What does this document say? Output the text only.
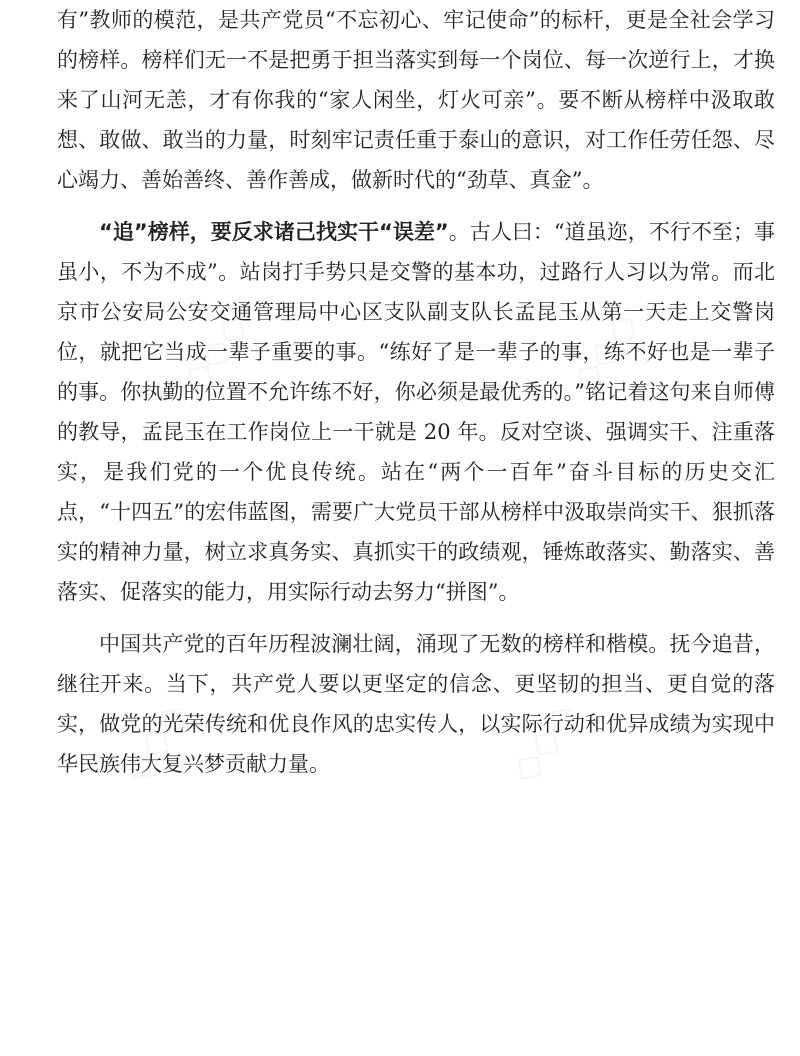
有”教师的模范，是共产党员“不忘初心、牢记使命”的标杆，更是全社会学习的榜样。榜样们无一不是把勇于担当落实到每一个岗位、每一次逆行上，才换来了山河无恙，才有你我的“家人闲坐，灯火可亲”。要不断从榜样中汲取敢想、敢做、敢当的力量，时刻牢记责任重于泰山的意识，对工作任劳任怨、尽心竭力、善始善终、善作善成，做新时代的“劲草、真金”。

“追”榜样，要反求诸己找实干“误差”。古人曰：“道虽迩，不行不至；事虽小，不为不成”。站岗打手势只是交警的基本功，过路行人习以为常。而北京市公安局公安交通管理局中心区支队副支队长孟昆玉从第一天走上交警岗位，就把它当成一辈子重要的事。“练好了是一辈子的事，练不好也是一辈子的事。你执勤的位置不允许练不好，你必须是最优秀的。”铭记着这句来自师傅的教导，孟昆玉在工作岗位上一干就是 20 年。反对空谈、强调实干、注重落实，是我们党的一个优良传统。站在“两个一百年”奋斗目标的历史交汇点，“十四五”的宏伟蓝图，需要广大党员干部从榜样中汲取崇尚实干、狠抓落实的精神力量，树立求真务实、真抓实干的政绩观，锤炼敢落实、勤落实、善落实、促落实的能力，用实际行动去努力“拼图”。

中国共产党的百年历程波澜壮阔，涌现了无数的榜样和楷模。抚今追昔，继往开来。当下，共产党人要以更坚定的信念、更坚韧的担当、更自觉的落实，做党的光荣传统和优良作风的忠实传人，以实际行动和优异成绩为实现中华民族伟大复兴梦贡献力量。
